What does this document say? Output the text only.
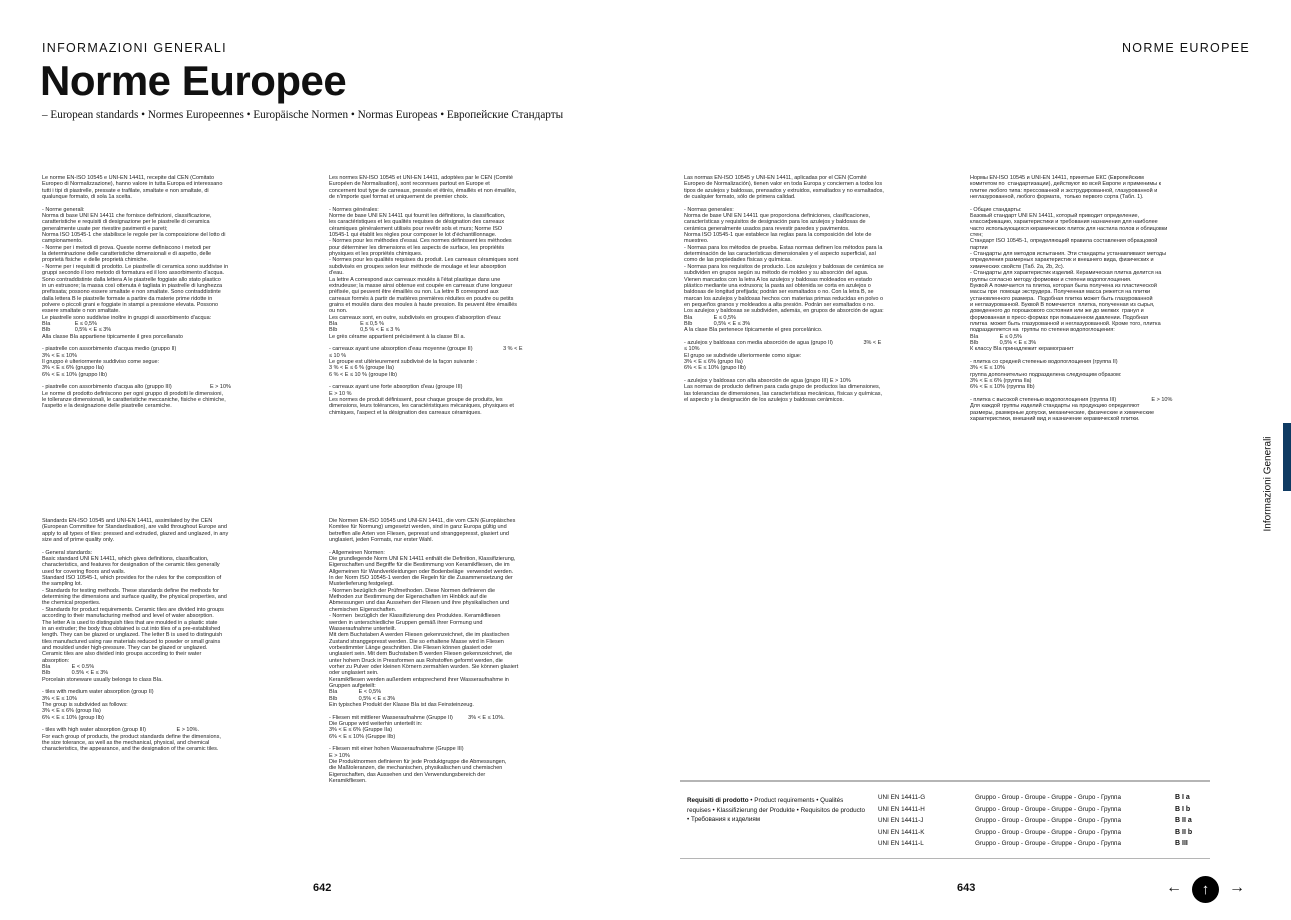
INFORMAZIONI GENERALI	NORME EUROPEE
Norme Europee
– European standards • Normes Europeennes • Europäische Normen • Normas Europeas • Европейские Стандарты
Le norme EN-ISO 10545 e UNI-EN 14411, recepite dal CEN (Comitato
Europeo di Normalizzazione), hanno valore in tutta Europa ed interessano
tutti i tipi di piastrelle, pressate e trafilate, smaltate e non smaltate, di
qualunque formato, di sola 1a scelta.

- Norme generali:
Norma di base UNI EN 14411 che fornisce definizioni, classificazione,
caratteristiche e requisiti di designazione per le piastrelle di ceramica
generalmente usate per rivestire pavimenti e pareti;
Norma ISO 10545-1 che stabilisce le regole per la composizione del lotto di
campionamento.
- Norme per i metodi di prova. Queste norme definiscono i metodi per
la determinazione delle caratteristiche dimensionali e di aspetto, delle
proprietà fisiche  e delle proprietà chimiche.
- Norme per i requisiti di prodotto. Le piastrelle di ceramica sono suddivise in
gruppi secondo il loro metodo di formatura ed il loro assorbimento d'acqua.
Sono contraddistinte dalla lettera A le piastrelle foggiate allo stato plastico
in un estrusore; la massa così ottenuta è tagliata in piastrelle di lunghezza
prefissata; possono essere smaltate e non smaltate. Sono contraddistinte
dalla lettera B le piastrelle formate a partire da materie prime ridotte in
polvere o piccoli grani e foggiate in stampi a pressione elevata. Possono
essere smaltate o non smaltate.
Le piastrelle sono suddivise inoltre in gruppi di assorbimento d'acqua:
BIa                E ≤ 0,5%
BIb                0,5% < E ≤ 3%
Alla classe BIa appartiene tipicamente il gres porcellanato

- piastrelle con assorbimento d'acqua medio (gruppo II)
3% < E ≤ 10%
Il gruppo è ulteriormente suddiviso come segue:
3% < E ≤ 6% (gruppo IIa)
6% < E ≤ 10% (gruppo IIb)

- piastrelle con assorbimento d'acqua alto (gruppo III)                         E > 10%
Le norme di prodotto definiscono per ogni gruppo di prodotti le dimensioni,
le tolleranze dimensionali, le caratteristiche meccaniche, fisiche e chimiche,
l'aspetto e la designazione delle piastrelle ceramiche.
Les normes EN-ISO 10545 et UNI-EN 14411, adoptées par le CEN (Comité
Européen de Normalisation), sont reconnues partout en Europe et
concernent tout type de carreaux, pressés et étirés, émaillés et non émaillés,
de n'importe quel format et uniquement de premier choix.

- Normes générales:
Norme de base UNI EN 14411 qui fournit les définitions, la classification,
les caractéristiques et les qualités requises de désignation des carreaux
céramiques généralement utilisés pour revêtir sols et murs; Norme ISO
10545-1 qui établit les règles pour composer le lot d'échantillonnage.
- Normes pour les méthodes d'essai. Ces normes définissent les méthodes
pour déterminer les dimensions et les aspects de surface, les propriétés
physiques et les propriétés chimiques.
- Normes pour les qualités requises du produit. Les carreaux céramiques sont
subdivisés en groupes selon leur méthode de moulage et leur absorption
d'eau.
La lettre A correspond aux carreaux moulés à l'état plastique dans une
extrudeuse; la masse ainsi obtenue est coupée en carreaux d'une longueur
préfixée, qui peuvent être émaillés ou non. La lettre B correspond aux
carreaux formés à partir de matières premières réduites en poudre ou petits
grains et moulés dans des moules à haute pression. Ils peuvent être émaillés
ou non.
Les carreaux sont, en outre, subdivisés en groupes d'absorption d'eau:
BIa               E ≤ 0,5 %
BIb               0,5 % < E ≤ 3 %
Le grès cérame appartient précisément à la classe BI a.

- carreaux ayant une absorption d'eau moyenne (groupe II)                    3 % < E
≤ 10 %
Le groupe est ultérieurement subdivisé de la façon suivante :
3 % < E ≤ 6 % (groupe IIa)
6 % < E ≤ 10 % (groupe IIb)

- carreaux ayant une forte absorption d'eau (groupe III)
E > 10 %
Les normes de produit définissent, pour chaque groupe de produits, les
dimensions, leurs tolérances, les caractéristiques mécaniques, physiques et
chimiques, l'aspect et la désignation des carreaux céramiques.
Las normas EN-ISO 10545 y UNI-EN 14411, aplicadas por el CEN (Comité
Europeo de Normalización), tienen valor en toda Europa y conciernen a todos los
tipos de azulejos y baldosas, prensados y extruidos, esmaltados y no esmaltados,
de cualquier formato, sólo de primera calidad.

- Normas generales:
Norma de base UNI EN 14411 que proporciona definiciones, clasificaciones,
características y requisitos de designación para los azulejos y baldosas de
cerámica generalmente usados para revestir paredes y pavimentos.
Norma ISO 10545-1 que establece las reglas para la composición del lote de
muestreo.
- Normas para los métodos de prueba. Estas normas definen los métodos para la
determinación de las características dimensionales y el aspecto superficial, así
como de las propiedades físicas y químicas.
- Normas para los requisitos de producto. Los azulejos y baldosas de cerámica se
subdividen en grupos según su método de moldeo y su absorción del agua.
Vienen marcados con la letra A los azulejos y baldosas moldeados en estado
plástico mediante una extrusora; la pasta así obtenida se corta en azulejos o
baldosas de longitud prefijada; podrán ser esmaltados o no. Con la letra B, se
marcan los azulejos y baldosas hechos con materias primas reducidas en polvo o
en pequeños granos y moldeados a alta presión. Podrán ser esmaltados o no.
Los azulejos y baldosas se subdividen, además, en grupos de absorción de agua:
BIa              E ≤ 0,5%
BIb              0,5% < E ≤ 3%
A la clase BIa pertenece típicamente el gres porcelánico.

- azulejos y baldosas con media absorción de agua (grupo II)                    3% < E
≤ 10%
El grupo se subdivide ulteriormente como sigue:
3% < E ≤ 6% (grupo IIa)
6% < E ≤ 10% (grupo IIb)

- azulejos y baldosas con alta absorción de agua (grupo III) E > 10%
Las normas de producto definen para cada grupo de productos las dimensiones,
las tolerancias de dimensiones, las características mecánicas, físicas y químicas,
el aspecto y la designación de los azulejos y baldosas cerámicos.
Нормы EN-ISO 10545 и UNI-EN 14411, принятые ЕКС (Европейским
комитетом по  стандартизации), действуют во всей Европе и применимы к
плитке любого типа: прессованной и экструдированной, глазурованной и
неглазурованной, любого формата,  только первого сорта (Табл. 1).

- Общие стандарты:
Базовый стандарт UNI EN 14411, который приводит определение,
классификацию, характеристики и требования назначения для наиболее
часто использующихся керамических плиток для настила полов и облицовки
стен;
Стандарт ISO 10545-1, определяющий правила составления образцовой
партии
- Стандарты для методов испытания. Эти стандарты устанавливают методы
определения размерных характеристик и внешнего вида, физических и
химических свойств (Таб. 2a, 2b, 2c).
- Стандарты для характеристик изделий. Керамическая плитка делится на
группы согласно методу формовки и степени водопоглощения.
Буквой А помечается та плитка, которая была получена из пластической
массы при  помощи экструдера. Полученная масса режется на плитки
установленного размера.  Подобная плитка может быть глазурованной
и неглазурованной. Буквой В помечается  плитка, полученная из сырья,
доведенного до порошкового состояния или же до мелких  гранул и
формованная в пресс-формах при повышенном давлении. Подобная
плитка  может быть глазурованной и неглазурованной. Кроме того, плитка
подразделяется на  группы по степени водопоглощения:
BIa              E ≤ 0,5%
BIb              0,5% < E ≤ 3%
К классу BIa принадлежит керамогранит

- плитка со средней степенью водопоглощения (группа II)
3% < E ≤ 10%
группа дополнительно подразделена следующим образом:
3% < E ≤ 6% (группа IIa)
6% < E ≤ 10% (группа IIb)

- плитка с высокой степенью водопоглощения (группа III)                       E > 10%
Для каждой группы изделий стандарты на продукцию определяют
размеры, размерные допуски, механические, физические и химические
характеристики, внешний вид и назначение керамической плитки.
Standards EN-ISO 10545 and UNI-EN 14411, assimilated by the CEN
(European Committee for Standardisation), are valid throughout Europe and
apply to all types of tiles: pressed and extruded, glazed and unglazed, in any
size and of prime quality only.

- General standards:
Basic standard UNI EN 14411, which gives definitions, classification,
characteristics, and features for designation of the ceramic tiles generally
used for covering floors and walls.
Standard ISO 10545-1, which provides for the rules for the composition of
the sampling lot.
- Standards for testing methods. These standards define the methods for
determining the dimensions and surface quality, the physical properties, and
the chemical properties.
- Standards for product requirements. Ceramic tiles are divided into groups
according to their manufacturing method and level of water absorption.
The letter A is used to distinguish tiles that are moulded in a plastic state
in an extruder; the body thus obtained is cut into tiles of a pre-established
length. They can be glazed or unglazed. The letter B is used to distinguish
tiles manufactured using raw materials reduced to powder or small grains
and moulded under high-pressure. They can be glazed or unglazed.
Ceramic tiles are also divided into groups according to their water
absorption:
BIa              E < 0.5%
BIb              0.5% < E ≤ 3%
Porcelain stoneware usually belongs to class BIa.

- tiles with medium water absorption (group II)
3% < E ≤ 10%
The group is subdivided as follows:
3% < E ≤ 6% (group IIa)
6% < E ≤ 10% (group IIb)

- tiles with high water absorption (group III)                    E > 10%.
For each group of products, the product standards define the dimensions,
the size tolerance, as well as the mechanical, physical, and chemical
characteristics, the appearance, and the designation of the ceramic tiles.
Die Normen EN-ISO 10545 und UNI-EN 14411, die vom CEN (Europäisches
Komitee für Normung) umgesetzt werden, sind in ganz Europa gültig und
betreffen alle Arten von Fliesen, gepresst und stranggepresst, glasiert und
unglasiert, jeden Formats, nur erster Wahl.

- Allgemeinen Normen:
Die grundlegende Norm UNI EN 14411 enthält die Definition, Klassifizierung,
Eigenschaften und Begriffe für die Bestimmung von Keramikfliesen, die im
Allgemeinen für Wandverkleidungen oder Bodenbeläge  verwendet werden.
In der Norm ISO 10545-1 werden die Regeln für die Zusammensetzung der
Musterlieferung festgelegt.
- Normen bezüglich der Prüfmethoden. Diese Normen definieren die
Methoden zur Bestimmung der Eigenschaften im Hinblick auf die
Abmessungen und das Aussehen der Fliesen und ihre physikalischen und
chemischen Eigenschaften.
- Normen  bezüglich der Klassifizierung des Produktes. Keramikfliesen
werden in unterschiedliche Gruppen gemäß ihrer Formung und
Wasseraufnahme unterteilt.
Mit dem Buchstaben A werden Fliesen gekennzeichnet, die im plastischen
Zustand stranggepresst werden. Die so erhaltene Masse wird in Fliesen
vorbestimmter Länge geschnitten. Die Fliesen können glasiert oder
unglasiert sein. Mit dem Buchstaben B werden Fliesen gekennzeichnet, die
unter hohem Druck in Pressformen aus Rohstoffen geformt werden, die
vorher zu Pulver oder kleinen Körnern zermahlen wurden. Sie können glasiert
oder unglasiert sein.
Keramikfliesen werden außerdem entsprechend ihrer Wasseraufnahme in
Gruppen aufgeteilt:
BIa              E < 0,5%
BIb              0,5% < E ≤ 3%
Ein typisches Produkt der Klasse BIa ist das Feinsteinzeug.

- Fliesen mit mittlerer Wasseraufnahme (Gruppe II)          3% < E ≤ 10%.
Die Gruppe wird weiterhin unterteilt in:
3% < E ≤ 6% (Gruppe IIa)
6% < E ≤ 10% (Gruppe IIb)

- Fliesen mit einer hohen Wasseraufnahme (Gruppe III)
E > 10%
Die Produktnormen definieren für jede Produktgruppe die Abmessungen,
die Maßtoleranzen, die mechanischen, physikalischen und chemischen
Eigenschaften, das Aussehen und den Verwendungsbereich der
Keramikfliesen.
Requisiti di prodotto • Product requirements • Qualités requises • Klassifizierung der Produkte • Requisitos de producto • Требования к изделиям
UNI EN 14411-G
UNI EN 14411-H
UNI EN 14411-J
UNI EN 14411-K
UNI EN 14411-L
Gruppo - Group - Groupe - Gruppe - Grupo - Группа
Gruppo - Group - Groupe - Gruppe - Grupo - Группа
Gruppo - Group - Groupe - Gruppe - Grupo - Группа
Gruppo - Group - Groupe - Gruppe - Grupo - Группа
Gruppo - Group - Groupe - Gruppe - Grupo - Группа
B I a
B I b
B II a
B II b
B III
642	643
Informazioni Generali
← ↑ →
